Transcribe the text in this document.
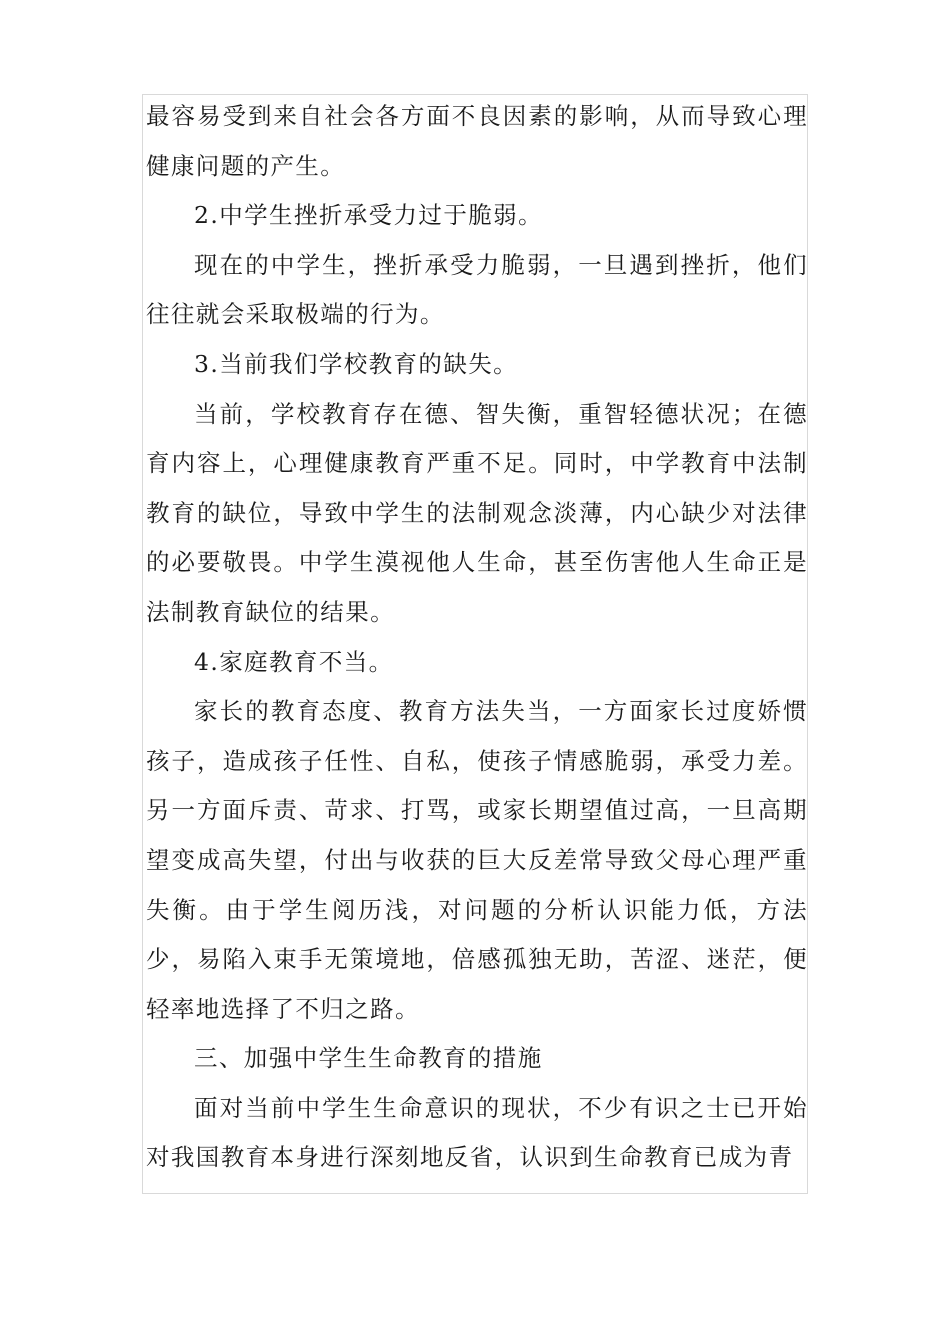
最容易受到来自社会各方面不良因素的影响，从而导致心理健康问题的产生。

2.中学生挫折承受力过于脆弱。

现在的中学生，挫折承受力脆弱，一旦遇到挫折，他们往往就会采取极端的行为。

3.当前我们学校教育的缺失。

当前，学校教育存在德、智失衡，重智轻德状况；在德育内容上，心理健康教育严重不足。同时，中学教育中法制教育的缺位，导致中学生的法制观念淡薄，内心缺少对法律的必要敬畏。中学生漠视他人生命，甚至伤害他人生命正是法制教育缺位的结果。

4.家庭教育不当。

家长的教育态度、教育方法失当，一方面家长过度娇惯孩子，造成孩子任性、自私，使孩子情感脆弱，承受力差。另一方面斥责、苛求、打骂，或家长期望值过高，一旦高期望变成高失望，付出与收获的巨大反差常导致父母心理严重失衡。由于学生阅历浅，对问题的分析认识能力低，方法少，易陷入束手无策境地，倍感孤独无助，苦涩、迷茫，便轻率地选择了不归之路。

三、加强中学生生命教育的措施

面对当前中学生生命意识的现状，不少有识之士已开始对我国教育本身进行深刻地反省，认识到生命教育已成为青
